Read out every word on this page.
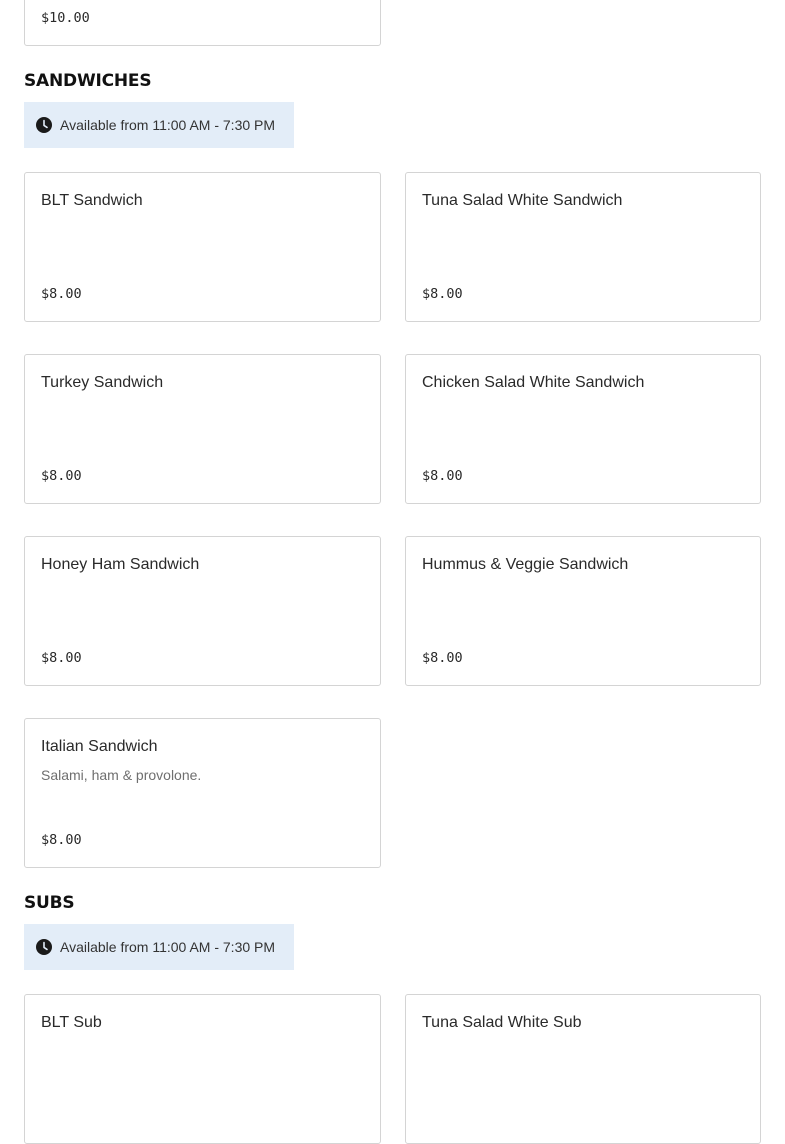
$10.00
SANDWICHES
Available from 11:00 AM - 7:30 PM
BLT Sandwich
$8.00
Tuna Salad White Sandwich
$8.00
Turkey Sandwich
$8.00
Chicken Salad White Sandwich
$8.00
Honey Ham Sandwich
$8.00
Hummus & Veggie Sandwich
$8.00
Italian Sandwich
Salami, ham & provolone.
$8.00
SUBS
Available from 11:00 AM - 7:30 PM
BLT Sub	Tuna Salad White Sub
